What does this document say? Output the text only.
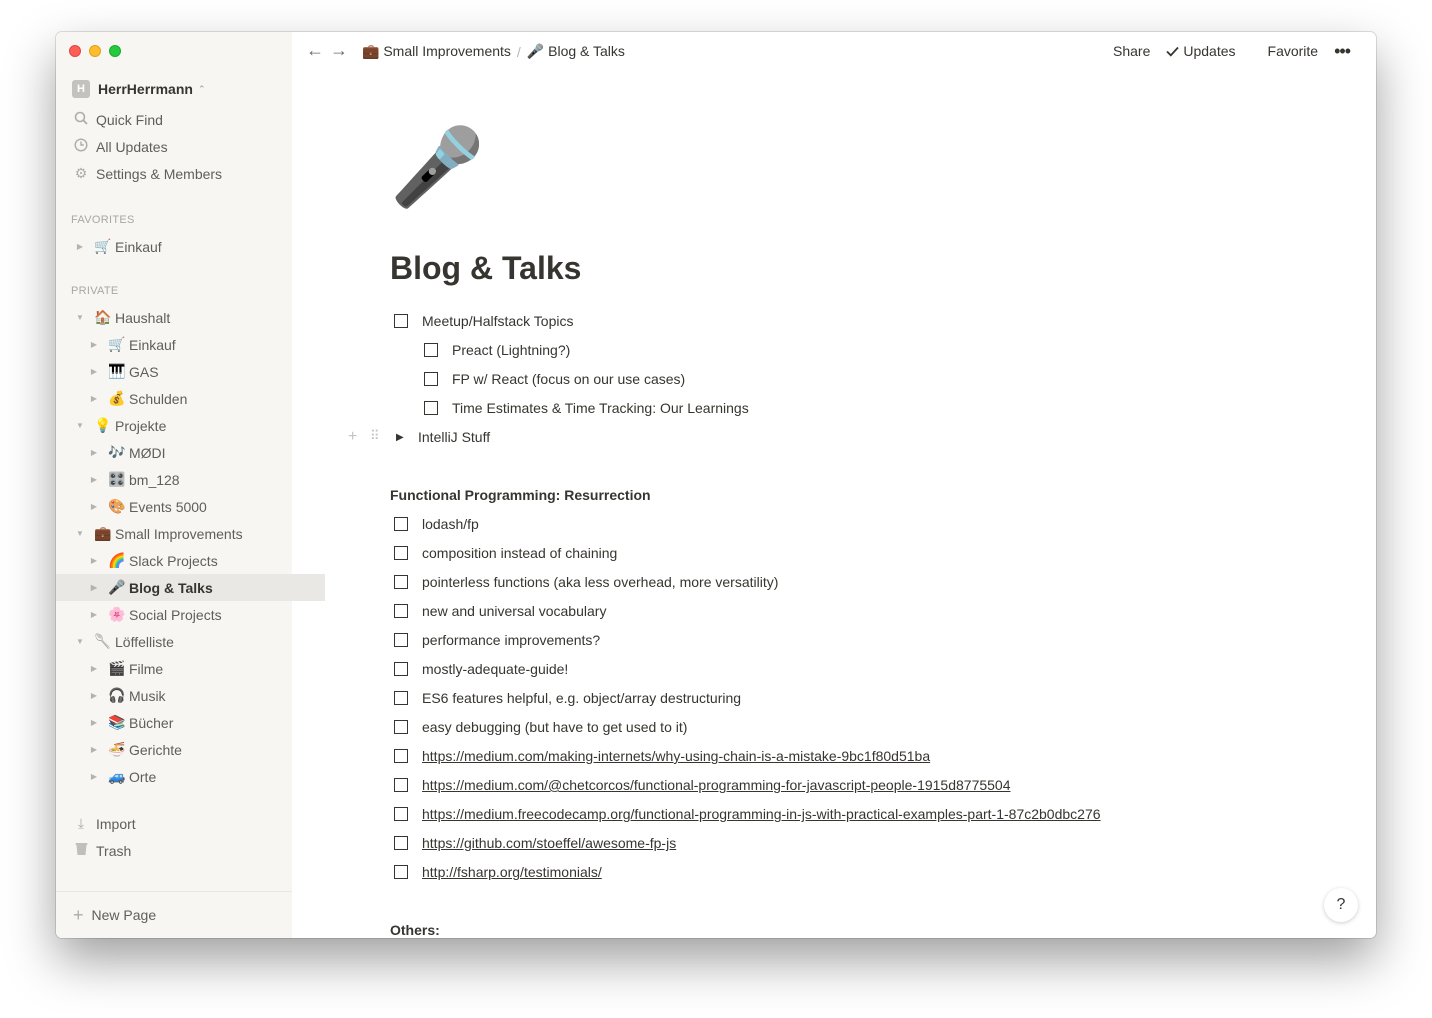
H HerrHerrmann ⌃

Quick Find
All Updates
⚙ Settings & Members
FAVORITES
▶ 🛒 Einkauf
PRIVATE
▼ 🏠 Haushalt
▶ 🛒 Einkauf
▶ 🎹 GAS
▶ 💰 Schulden
▼ 💡 Projekte
▶ 🎶 MØDI
▶ 🎛️ bm_128
▶ 🎨 Events 5000
▼ 💼 Small Improvements
▶ 🌈 Slack Projects
▶ 🎤 Blog & Talks
▶ 🌸 Social Projects
▼ 🥄 Löffelliste
▶ 🎬 Filme
▶ 🎧 Musik
▶ 📚 Bücher
▶ 🍜 Gerichte
▶ 🚙 Orte
⤓ Import
Trash
+ New Page
← → 💼 Small Improvements / 🎤 Blog & Talks	Share Updates Favorite •••
🎤
Blog & Talks
Meetup/Halfstack Topics
Preact (Lightning?)
FP w/ React (focus on our use cases)
Time Estimates & Time Tracking: Our Learnings
+ ⠿ ▶	IntelliJ Stuff
Functional Programming: Resurrection
lodash/fp
composition instead of chaining
pointerless functions (aka less overhead, more versatility)
new and universal vocabulary
performance improvements?
mostly-adequate-guide!
ES6 features helpful, e.g. object/array destructuring
easy debugging (but have to get used to it)
https://medium.com/making-internets/why-using-chain-is-a-mistake-9bc1f80d51ba
https://medium.com/@chetcorcos/functional-programming-for-javascript-people-1915d8775504
https://medium.freecodecamp.org/functional-programming-in-js-with-practical-examples-part-1-87c2b0dbc276
https://github.com/stoeffel/awesome-fp-js
http://fsharp.org/testimonials/
Others:
?
